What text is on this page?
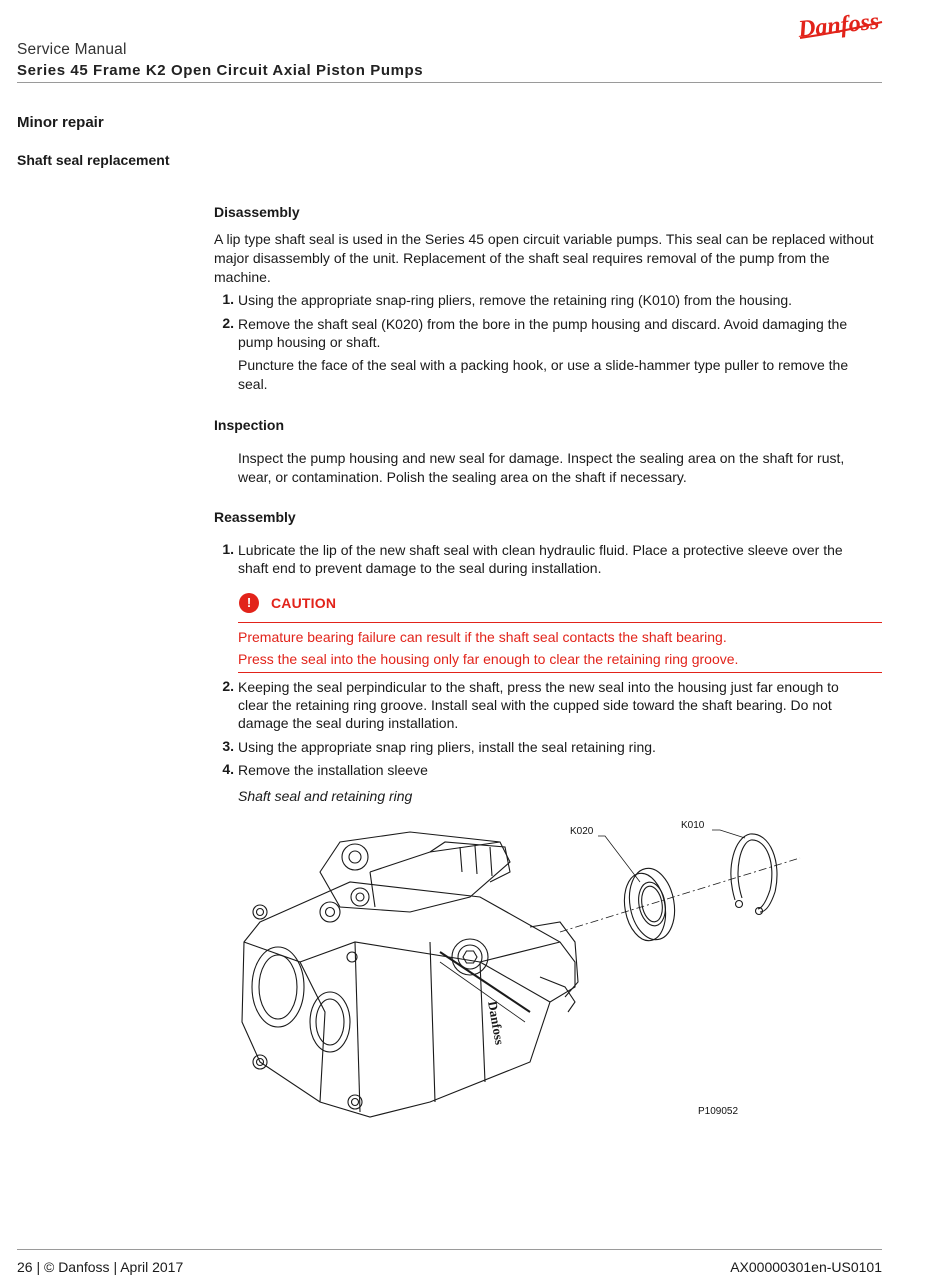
Danfoss
Service Manual
Series 45 Frame K2 Open Circuit Axial Piston Pumps
Minor repair
Shaft seal replacement
Disassembly
A lip type shaft seal is used in the Series 45 open circuit variable pumps. This seal can be replaced without major disassembly of the unit. Replacement of the shaft seal requires removal of the pump from the machine.
1. Using the appropriate snap-ring pliers, remove the retaining ring (K010) from the housing.
2. Remove the shaft seal (K020) from the bore in the pump housing and discard. Avoid damaging the pump housing or shaft.
Puncture the face of the seal with a packing hook, or use a slide-hammer type puller to remove the seal.
Inspection
Inspect the pump housing and new seal for damage. Inspect the sealing area on the shaft for rust, wear, or contamination. Polish the sealing area on the shaft if necessary.
Reassembly
1. Lubricate the lip of the new shaft seal with clean hydraulic fluid. Place a protective sleeve over the shaft end to prevent damage to the seal during installation.
!	CAUTION
Premature bearing failure can result if the shaft seal contacts the shaft bearing.
Press the seal into the housing only far enough to clear the retaining ring groove.
2. Keeping the seal perpindicular to the shaft, press the new seal into the housing just far enough to clear the retaining ring groove. Install seal with the cupped side toward the shaft bearing. Do not damage the seal during installation.
3. Using the appropriate snap ring pliers, install the seal retaining ring.
4. Remove the installation sleeve
Shaft seal and retaining ring
Danfoss
K020
K010
P109052
26 | © Danfoss | April 2017	AX00000301en-US0101
